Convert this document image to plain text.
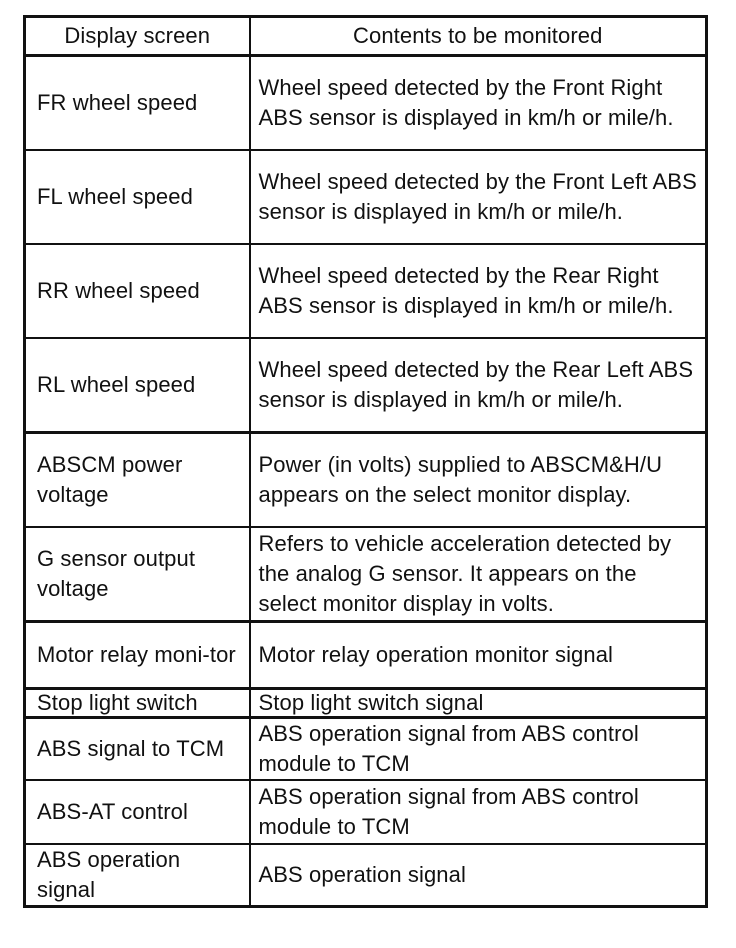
Display screen	Contents to be monitored
FR wheel speed	Wheel speed detected by the Front Right ABS sensor is displayed in km/h or mile/h.
FL wheel speed	Wheel speed detected by the Front Left ABS sensor is displayed in km/h or mile/h.
RR wheel speed	Wheel speed detected by the Rear Right ABS sensor is displayed in km/h or mile/h.
RL wheel speed	Wheel speed detected by the Rear Left ABS sensor is displayed in km/h or mile/h.
ABSCM power voltage	Power (in volts) supplied to ABSCM&H/U appears on the select monitor display.
G sensor output voltage	Refers to vehicle acceleration detected by the analog G sensor. It appears on the select monitor display in volts.
Motor relay moni-tor	Motor relay operation monitor signal
Stop light switch	Stop light switch signal
ABS signal to TCM	ABS operation signal from ABS control module to TCM
ABS-AT control	ABS operation signal from ABS control module to TCM
ABS operation signal	ABS operation signal
